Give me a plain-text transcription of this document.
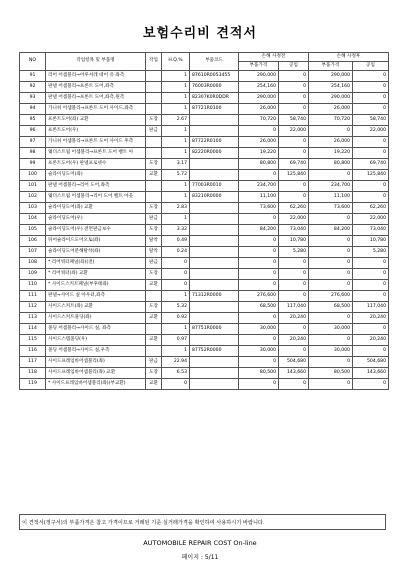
보험수리비 견적서
NO	작업항목 및 부품명	작업	H.Q.%	부품코드	손해 사정전		손해 사정후	
					부품가격	공임	부품가격	공임
91	리어 어셈블리→어루셔레 대어 유 좌측		1	87610R0053455	290,000	0	290,000	0
92	판넬 어셈블리→프론트 도어,좌측		1	76003R0000	254,160	0	254,160	0
93	판넬 어셈블리→프론트 도어,좌측,원측		1	82307K0R0DDR	290,000	0	290,000	0
94	가니쉬 어셈블리→프론트 도어 사이드,좌측		1	87721R0100	26,000	0	26,000	0
95	프론트도어(좌) 교환	도장	2.67		70,720	58,740	70,720	58,740
96	프론트도어(우)	판금	1		0	22,000	0	22,000
97	가니쉬 어셈블리→프론트 도어 사이드 후측		1	87722R0100	26,000	0	26,000	0
98	웨더스트립 어셈블리→프론트 도어 벨트 아		1	82220R0000	19,220	0	19,220	0
99	프론트도어(우) 판넬프로넷수	도장	3.17		80,800	69,740	80,800	69,740
100	슬라이딩도어(좌)	교환	5.72		0	125,840	0	125,840
101	판넬 어셈블리→리어 도어,좌측		1	77003R0010	234,700	0	234,700	0
102	웨더스트립 어셈블리→리어 도어 벨트 아웃		1	83210R0000	11,100	0	11,100	0
103	슬라이딩도어(좌) 교환	도장	2.83		73,600	62,260	73,600	62,260
104	슬라이딩도어(우)	판금	1		0	22,000	0	22,000
105	슬라이딩도어(우) 전면판금보수	도장	3.32		84,200	73,040	84,200	73,040
106	뒤어슬라이드도어오토(좌)	탈착	0.49		0	10,780	0	10,780
107	슬라이딩도어분해탈착(좌)	탈착	0.24		0	5,280	0	5,280
108	* 리어쿼터패널(좌)(전)	판금	0		0	0	0	0
109	* 리어쿼터(좌) 교환	도장	0		0	0	0	0
110	* 사이드스커트패널(부후태좌)	교환	0		0	0	0	0
111	판넬→사이드 실 아우터,좌측		1	71312R0000	276,600	0	276,600	0
112	사이드스커트(좌) 교환	도장	5.32		68,500	117,040	68,500	117,040
113	사이드스커트몰딩(좌)	교환	0.92		0	20,240	0	20,240
114	몰딩 어셈블리→사이드 실, 좌측		1	87751R0000	30,000	0	30,000	0
115	사이드스텝몰딩(우)	교환	0.97		0	20,240	0	20,240
116	몰딩 어셈블리→사이드 실,우측		1	87752R0000	30,000	0	30,000	0
117	사이드프레임바어셈블리(좌)	판금	22.94		0	504,680	0	504,680
118	사이드프레임바어셈블리(좌) 교환	도장	6.53		80,500	143,660	80,500	143,660
119	* 사이드프레임바어셈블리(좌)(부교환)	교환	0		0	0	0	0
이 견적서(정구서)의 부품가격은 참고 가격이므로 거래된 기준 실거래가격을 확인하여 사용하시기 바랍니다.
AUTOMOBILE REPAIR COST On-line
페이지 : 5/11
